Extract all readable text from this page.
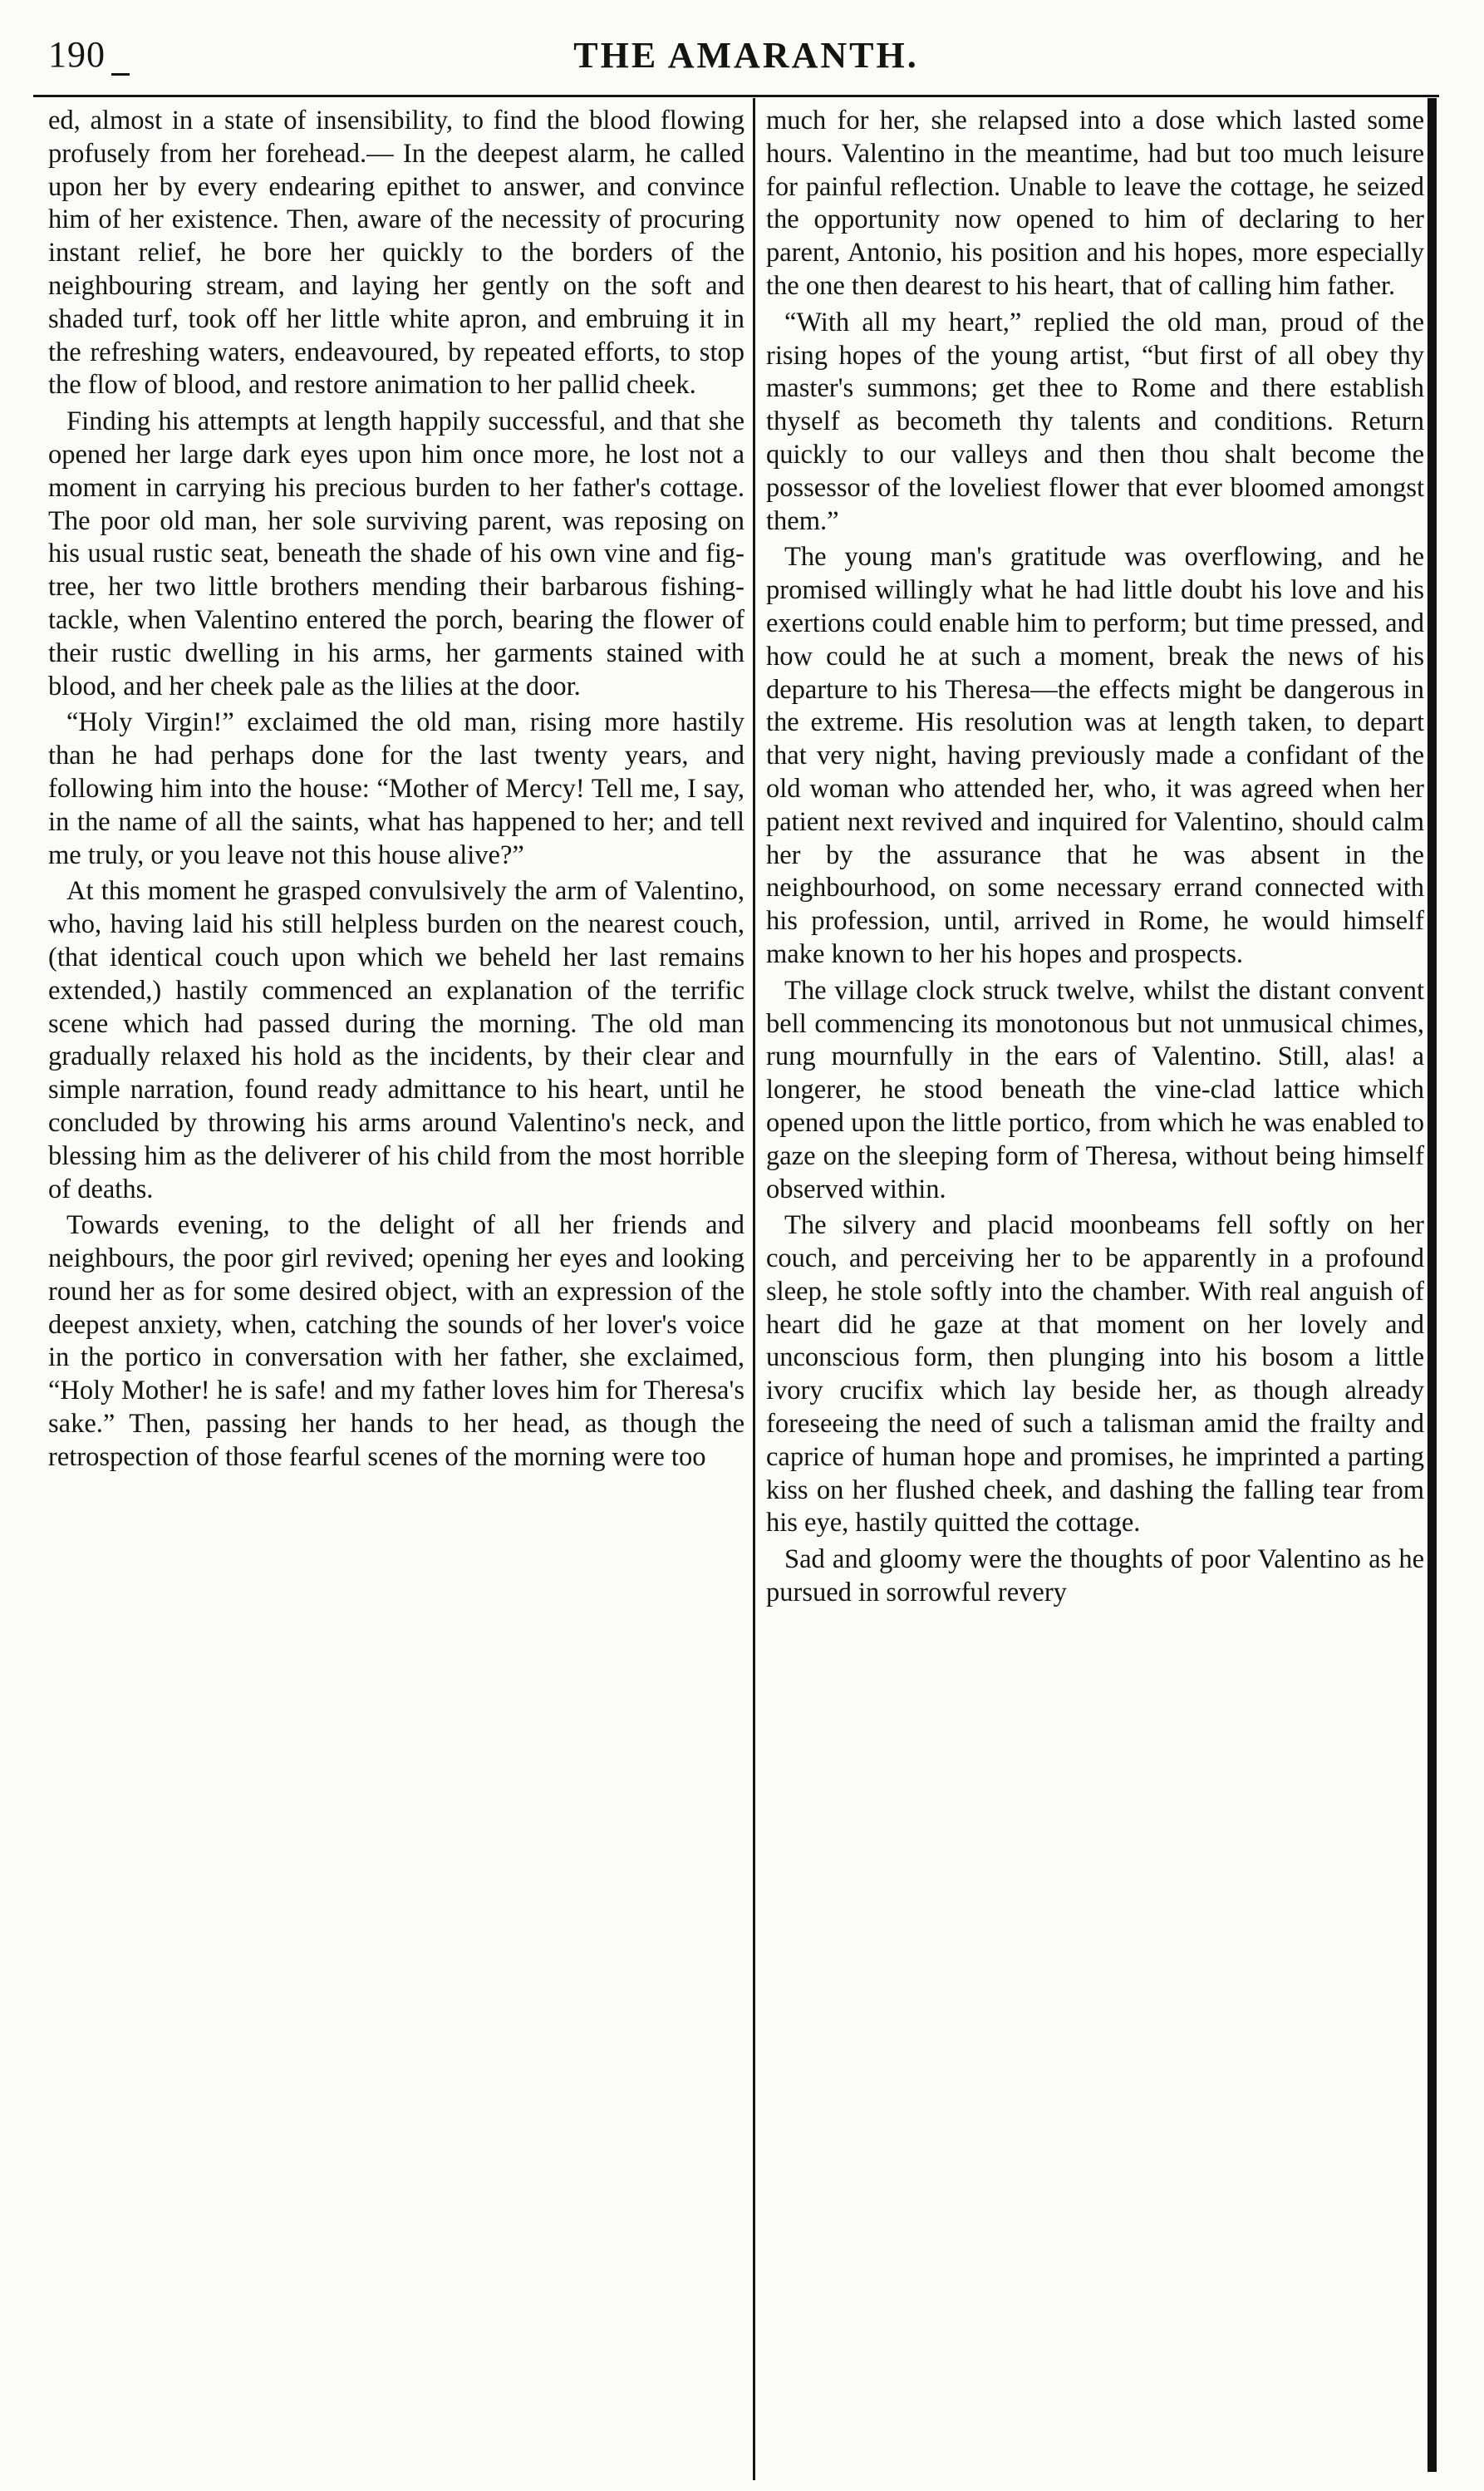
190	THE AMARANTH.

ed, almost in a state of insensibility, to find the blood flowing profusely from her forehead.— In the deepest alarm, he called upon her by every endearing epithet to answer, and convince him of her existence. Then, aware of the necessity of procuring instant relief, he bore her quickly to the borders of the neighbouring stream, and laying her gently on the soft and shaded turf, took off her little white apron, and embruing it in the refreshing waters, endeavoured, by repeated efforts, to stop the flow of blood, and restore animation to her pallid cheek.

Finding his attempts at length happily successful, and that she opened her large dark eyes upon him once more, he lost not a moment in carrying his precious burden to her father's cottage. The poor old man, her sole surviving parent, was reposing on his usual rustic seat, beneath the shade of his own vine and fig-tree, her two little brothers mending their barbarous fishing-tackle, when Valentino entered the porch, bearing the flower of their rustic dwelling in his arms, her garments stained with blood, and her cheek pale as the lilies at the door.

“Holy Virgin!” exclaimed the old man, rising more hastily than he had perhaps done for the last twenty years, and following him into the house: “Mother of Mercy! Tell me, I say, in the name of all the saints, what has happened to her; and tell me truly, or you leave not this house alive?”

At this moment he grasped convulsively the arm of Valentino, who, having laid his still helpless burden on the nearest couch, (that identical couch upon which we beheld her last remains extended,) hastily commenced an explanation of the terrific scene which had passed during the morning. The old man gradually relaxed his hold as the incidents, by their clear and simple narration, found ready admittance to his heart, until he concluded by throwing his arms around Valentino's neck, and blessing him as the deliverer of his child from the most horrible of deaths.

Towards evening, to the delight of all her friends and neighbours, the poor girl revived; opening her eyes and looking round her as for some desired object, with an expression of the deepest anxiety, when, catching the sounds of her lover's voice in the portico in conversation with her father, she exclaimed, “Holy Mother! he is safe! and my father loves him for Theresa's sake.” Then, passing her hands to her head, as though the retrospection of those fearful scenes of the morning were too

much for her, she relapsed into a dose which lasted some hours. Valentino in the meantime, had but too much leisure for painful reflection. Unable to leave the cottage, he seized the opportunity now opened to him of declaring to her parent, Antonio, his position and his hopes, more especially the one then dearest to his heart, that of calling him father.

“With all my heart,” replied the old man, proud of the rising hopes of the young artist, “but first of all obey thy master's summons; get thee to Rome and there establish thyself as becometh thy talents and conditions. Return quickly to our valleys and then thou shalt become the possessor of the loveliest flower that ever bloomed amongst them.”

The young man's gratitude was overflowing, and he promised willingly what he had little doubt his love and his exertions could enable him to perform; but time pressed, and how could he at such a moment, break the news of his departure to his Theresa—the effects might be dangerous in the extreme. His resolution was at length taken, to depart that very night, having previously made a confidant of the old woman who attended her, who, it was agreed when her patient next revived and inquired for Valentino, should calm her by the assurance that he was absent in the neighbourhood, on some necessary errand connected with his profession, until, arrived in Rome, he would himself make known to her his hopes and prospects.

The village clock struck twelve, whilst the distant convent bell commencing its monotonous but not unmusical chimes, rung mournfully in the ears of Valentino. Still, alas! a longerer, he stood beneath the vine-clad lattice which opened upon the little portico, from which he was enabled to gaze on the sleeping form of Theresa, without being himself observed within.

The silvery and placid moonbeams fell softly on her couch, and perceiving her to be apparently in a profound sleep, he stole softly into the chamber. With real anguish of heart did he gaze at that moment on her lovely and unconscious form, then plunging into his bosom a little ivory crucifix which lay beside her, as though already foreseeing the need of such a talisman amid the frailty and caprice of human hope and promises, he imprinted a parting kiss on her flushed cheek, and dashing the falling tear from his eye, hastily quitted the cottage.

Sad and gloomy were the thoughts of poor Valentino as he pursued in sorrowful revery
